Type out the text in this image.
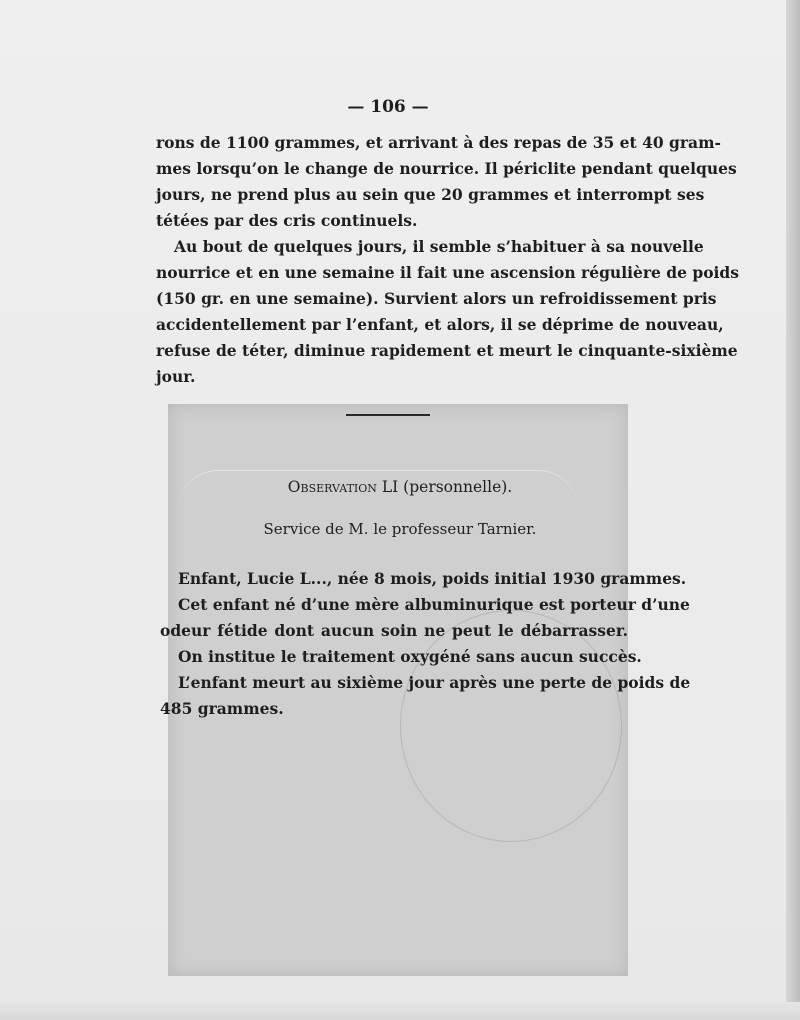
— 106 —
rons de 1100 grammes, et arrivant à des repas de 35 et 40 gram-
mes lorsqu’on le change de nourrice. Il périclite pendant quelques
jours, ne prend plus au sein que 20 grammes et interrompt ses
tétées par des cris continuels.
Au bout de quelques jours, il semble s’habituer à sa nouvelle
nourrice et en une semaine il fait une ascension régulière de poids
(150 gr. en une semaine). Survient alors un refroidissement pris
accidentellement par l’enfant, et alors, il se déprime de nouveau,
refuse de téter, diminue rapidement et meurt le cinquante-sixième
jour.
Observation LI (personnelle).
Service de M. le professeur Tarnier.
Enfant, Lucie L..., née 8 mois, poids initial 1930 grammes.
Cet enfant né d’une mère albuminurique est porteur d’une
odeur fétide dont aucun soin ne peut le débarrasser.
On institue le traitement oxygéné sans aucun succès.
L’enfant meurt au sixième jour après une perte de poids de
485 grammes.
